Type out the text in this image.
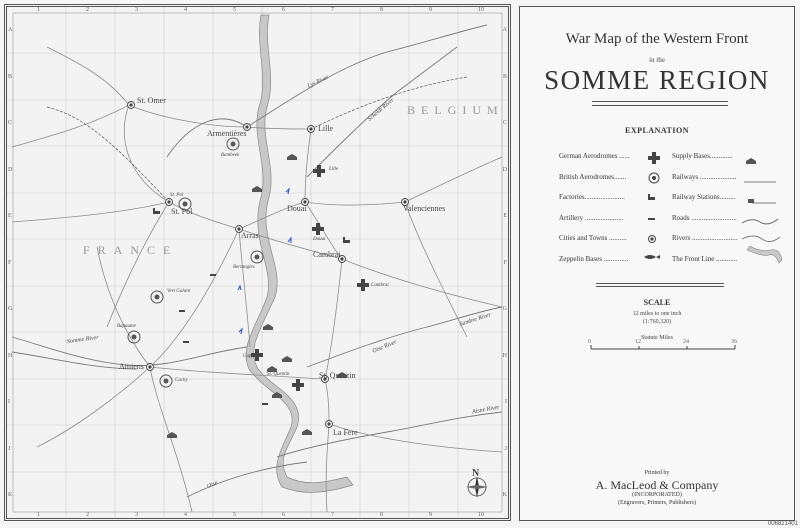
1
1
2
2
3
3
4
4
5
5
6
6
7
7
8
8
9
9
10
10
A	A
B	B
C	C
D	D
E	E
F	F
G	G
H	H
I	I
J	J
K	K
St. Omer
Armentières
Lille
St. Pol	Douai	Valenciennes
Arras
Cambrai
Amiens
St. Quentin
La Fere
FRANCE
BELGIUM
Somme River
Lys River
Scheldt River
Oise River
Sambre River
Aisne River
Oise
Cappy
Bertangles
Vert Galant
Cachy
Bapaume
Rambeek
St. Quentin
Lille
St. Pol
Douai
Cambrai
N
War Map of the Western Front
in the
SOMME REGION
EXPLANATION
German Aerodromes ......
British Aerodromes.......
Factories.......................
Artillery ......................
Cities and Towns ..........
Zeppelin Bases ..............
Supply Bases.............
Railways .....................
Railway Stations.........
Roads ..........................
Rivers ..........................
The Front Line ............
SCALE
12 miles to one inch
(1:760,320)
Statute Miles
0	12	24	36
Printed by
A. MacLeod & Company
(INCORPORATED)
(Engravers, Printers, Publishers)
006821401
